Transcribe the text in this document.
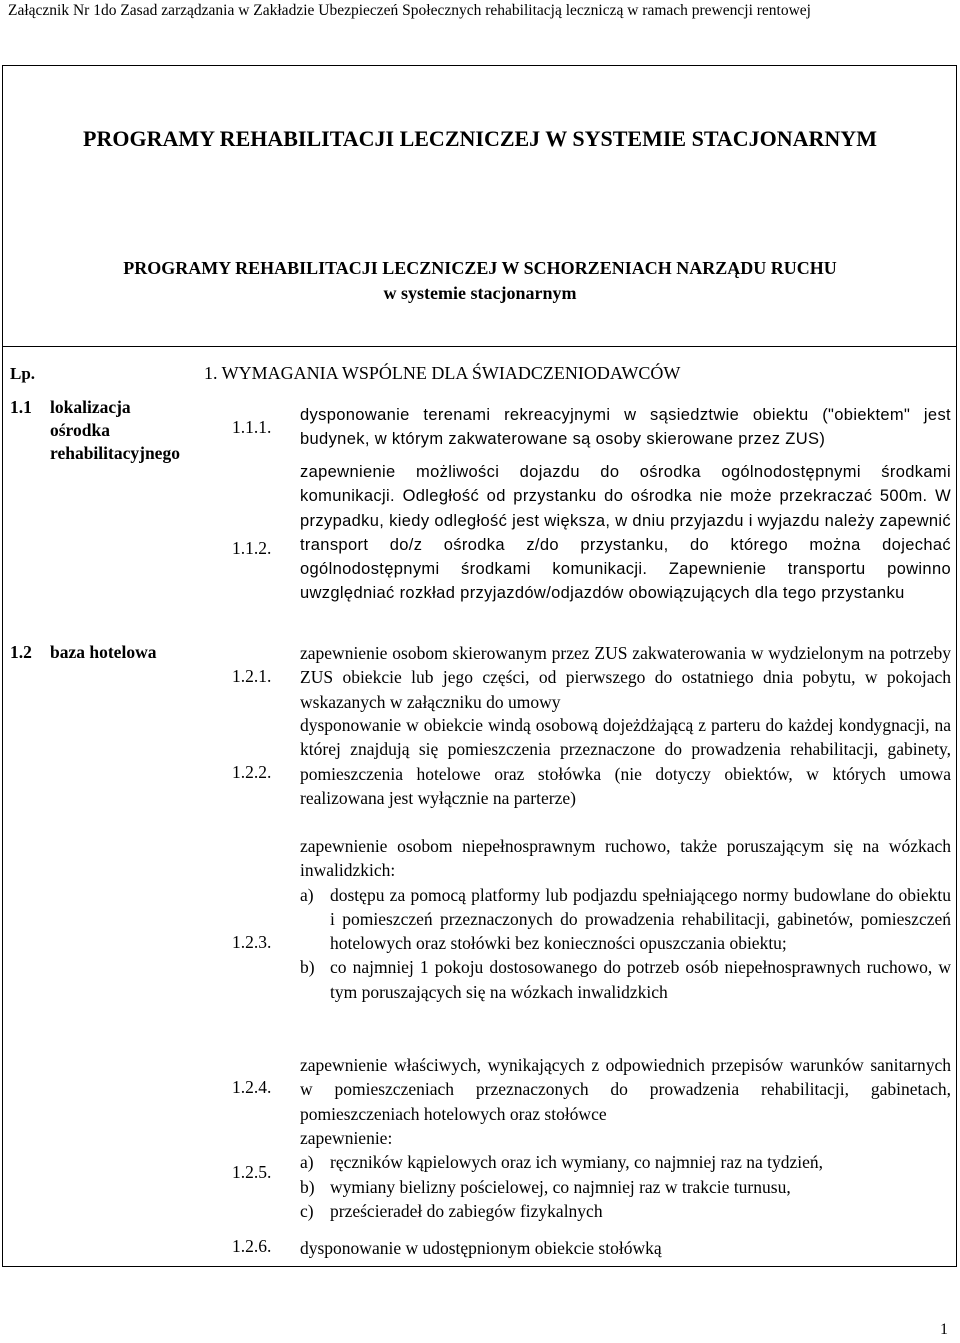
Załącznik Nr 1do Zasad zarządzania w Zakładzie Ubezpieczeń Społecznych rehabilitacją leczniczą w ramach prewencji rentowej
PROGRAMY REHABILITACJI LECZNICZEJ W SYSTEMIE STACJONARNYM
PROGRAMY REHABILITACJI LECZNICZEJ W SCHORZENIACH NARZĄDU RUCHU
w systemie stacjonarnym
Lp.	1. WYMAGANIA WSPÓLNE DLA ŚWIADCZENIODAWCÓW
1.1 lokalizacja
ośrodka
rehabilitacyjnego
1.1.1.
dysponowanie terenami rekreacyjnymi w sąsiedztwie obiektu ("obiektem" jest budynek, w którym zakwaterowane są osoby skierowane przez ZUS)
1.1.2.
zapewnienie możliwości dojazdu do ośrodka ogólnodostępnymi środkami komunikacji. Odległość od przystanku do ośrodka nie może przekraczać 500m. W przypadku, kiedy odległość jest większa, w dniu przyjazdu i wyjazdu należy zapewnić transport do/z ośrodka z/do przystanku, do którego można dojechać ogólnodostępnymi środkami komunikacji. Zapewnienie transportu powinno uwzględniać rozkład przyjazdów/odjazdów obowiązujących dla tego przystanku
1.2 baza hotelowa
1.2.1.
zapewnienie osobom skierowanym przez ZUS zakwaterowania w wydzielonym na potrzeby ZUS obiekcie lub jego części, od pierwszego do ostatniego dnia pobytu, w pokojach wskazanych w załączniku do umowy
1.2.2.
dysponowanie w obiekcie windą osobową dojeżdżającą z parteru do każdej kondygnacji, na której znajdują się pomieszczenia przeznaczone do prowadzenia rehabilitacji, gabinety, pomieszczenia hotelowe oraz stołówka (nie dotyczy obiektów, w których umowa realizowana jest wyłącznie na parterze)
1.2.3.

zapewnienie osobom niepełnosprawnym ruchowo, także poruszającym się na wózkach inwalidzkich:

a) dostępu za pomocą platformy lub podjazdu spełniającego normy budowlane do obiektu i pomieszczeń przeznaczonych do prowadzenia rehabilitacji, gabinetów, pomieszczeń hotelowych oraz stołówki bez konieczności opuszczania obiektu;
b) co najmniej 1 pokoju dostosowanego do potrzeb osób niepełnosprawnych ruchowo, w tym poruszających się na wózkach inwalidzkich
1.2.4.
zapewnienie właściwych, wynikających z odpowiednich przepisów warunków sanitarnych w pomieszczeniach przeznaczonych do prowadzenia rehabilitacji, gabinetach, pomieszczeniach hotelowych oraz stołówce
1.2.5.

zapewnienie:

a) ręczników kąpielowych oraz ich wymiany, co najmniej raz na tydzień,
b) wymiany bielizny pościelowej, co najmniej raz w trakcie turnusu,
c) prześcieradeł do zabiegów fizykalnych
1.2.6. dysponowanie w udostępnionym obiekcie stołówką
1
